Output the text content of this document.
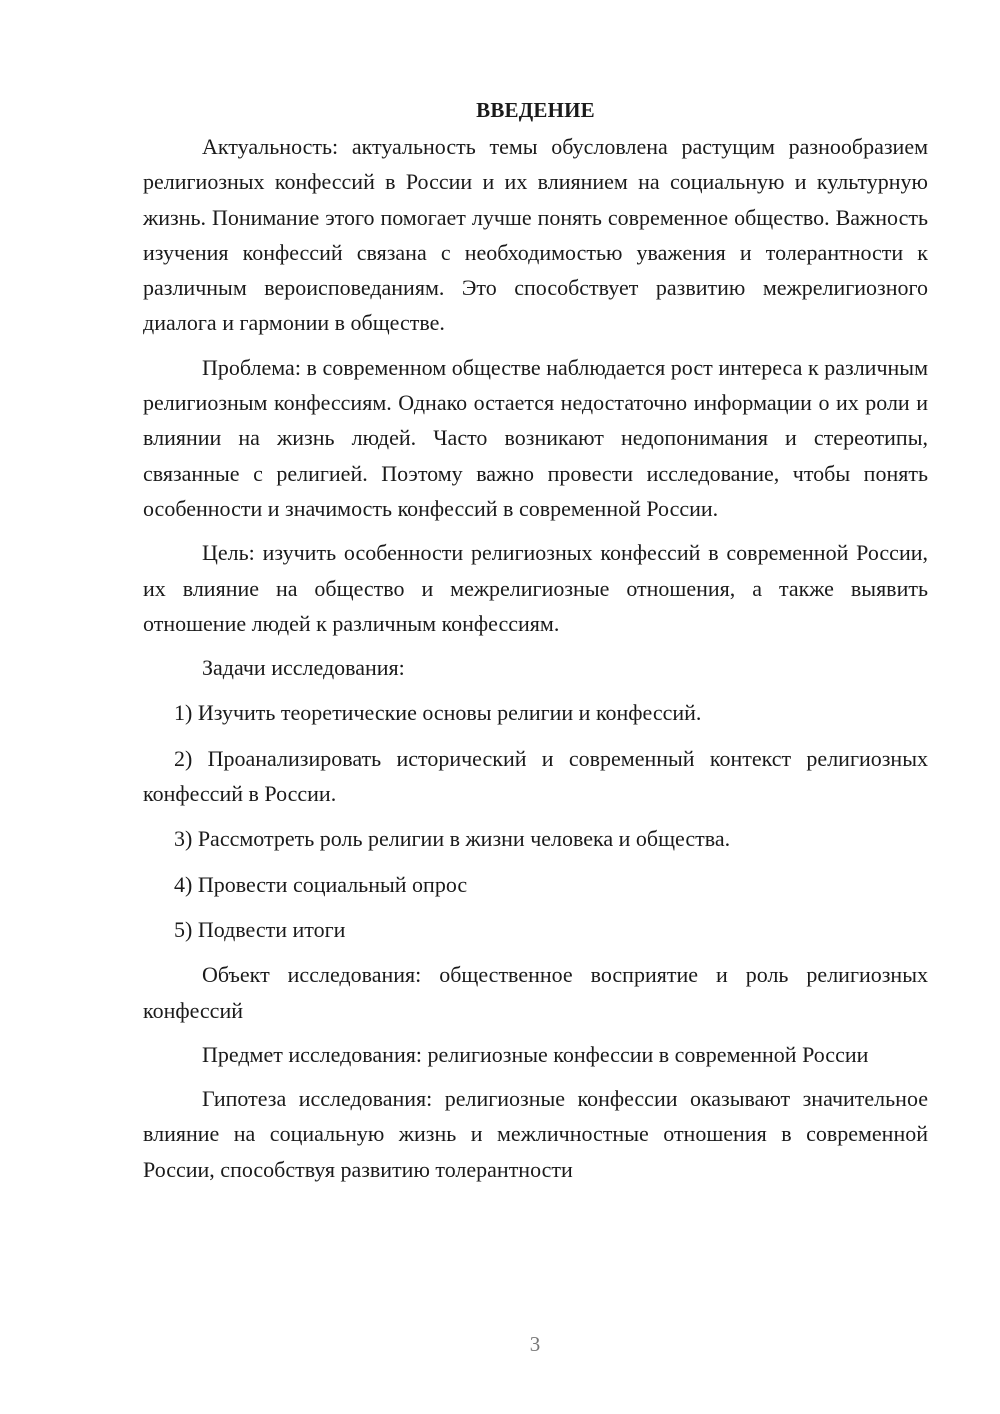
ВВЕДЕНИЕ

Актуальность: актуальность темы обусловлена растущим разнообразием религиозных конфессий в России и их влиянием на социальную и культурную жизнь. Понимание этого помогает лучше понять современное общество. Важность изучения конфессий связана с необходимостью уважения и толерантности к различным вероисповеданиям. Это способствует развитию межрелигиозного диалога и гармонии в обществе.

Проблема: в современном обществе наблюдается рост интереса к различным религиозным конфессиям. Однако остается недостаточно информации о их роли и влиянии на жизнь людей. Часто возникают недопонимания и стереотипы, связанные с религией. Поэтому важно провести исследование, чтобы понять особенности и значимость конфессий в современной России.

Цель: изучить особенности религиозных конфессий в современной России, их влияние на общество и межрелигиозные отношения, а также выявить отношение людей к различным конфессиям.

Задачи исследования:

1) Изучить теоретические основы религии и конфессий.

2) Проанализировать исторический и современный контекст религиозных конфессий в России.

3) Рассмотреть роль религии в жизни человека и общества.

4) Провести социальный опрос

5) Подвести итоги

Объект исследования: общественное восприятие и роль религиозных конфессий

Предмет исследования: религиозные конфессии в современной России

Гипотеза исследования: религиозные конфессии оказывают значительное влияние на социальную жизнь и межличностные отношения в современной России, способствуя развитию толерантности

3
